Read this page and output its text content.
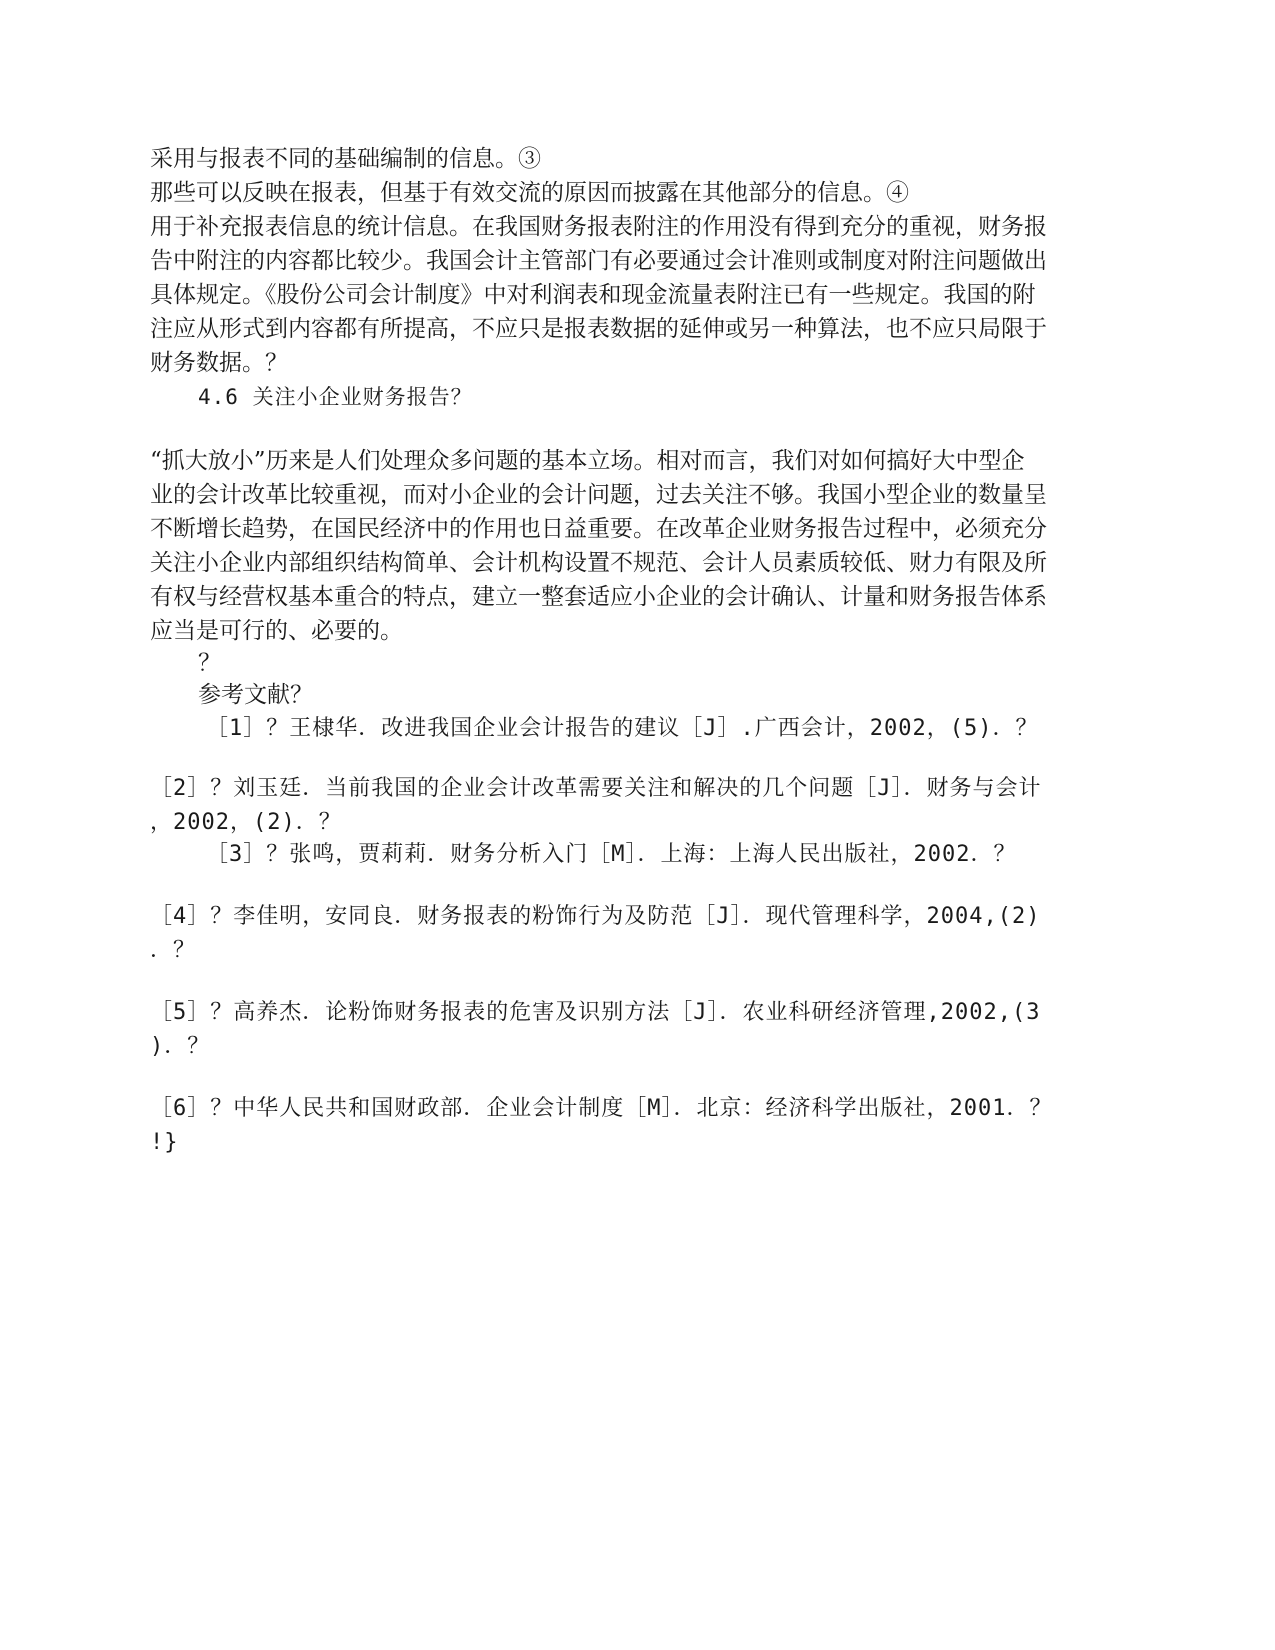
采用与报表不同的基础编制的信息。③
那些可以反映在报表，但基于有效交流的原因而披露在其他部分的信息。④
用于补充报表信息的统计信息。在我国财务报表附注的作用没有得到充分的重视，财务报
告中附注的内容都比较少。我国会计主管部门有必要通过会计准则或制度对附注问题做出
具体规定。《股份公司会计制度》中对利润表和现金流量表附注已有一些规定。我国的附
注应从形式到内容都有所提高，不应只是报表数据的延伸或另一种算法，也不应只局限于
财务数据。？
4.6 关注小企业财务报告？
“抓大放小”历来是人们处理众多问题的基本立场。相对而言，我们对如何搞好大中型企
业的会计改革比较重视，而对小企业的会计问题，过去关注不够。我国小型企业的数量呈
不断增长趋势，在国民经济中的作用也日益重要。在改革企业财务报告过程中，必须充分
关注小企业内部组织结构简单、会计机构设置不规范、会计人员素质较低、财力有限及所
有权与经营权基本重合的特点，建立一整套适应小企业的会计确认、计量和财务报告体系
应当是可行的、必要的。
？
参考文献？
［1］？王棣华．改进我国企业会计报告的建议［J］.广西会计，2002，(5)．？
［2］？刘玉廷．当前我国的企业会计改革需要关注和解决的几个问题［J］．财务与会计
，2002，(2)．？
［3］？张鸣，贾莉莉．财务分析入门［M］．上海：上海人民出版社，2002．？
［4］？李佳明，安同良．财务报表的粉饰行为及防范［J］．现代管理科学，2004,(2)
．？
［5］？高养杰．论粉饰财务报表的危害及识别方法［J］．农业科研经济管理,2002,(3
)．？
［6］？中华人民共和国财政部．企业会计制度［M］．北京：经济科学出版社，2001．？
!}
